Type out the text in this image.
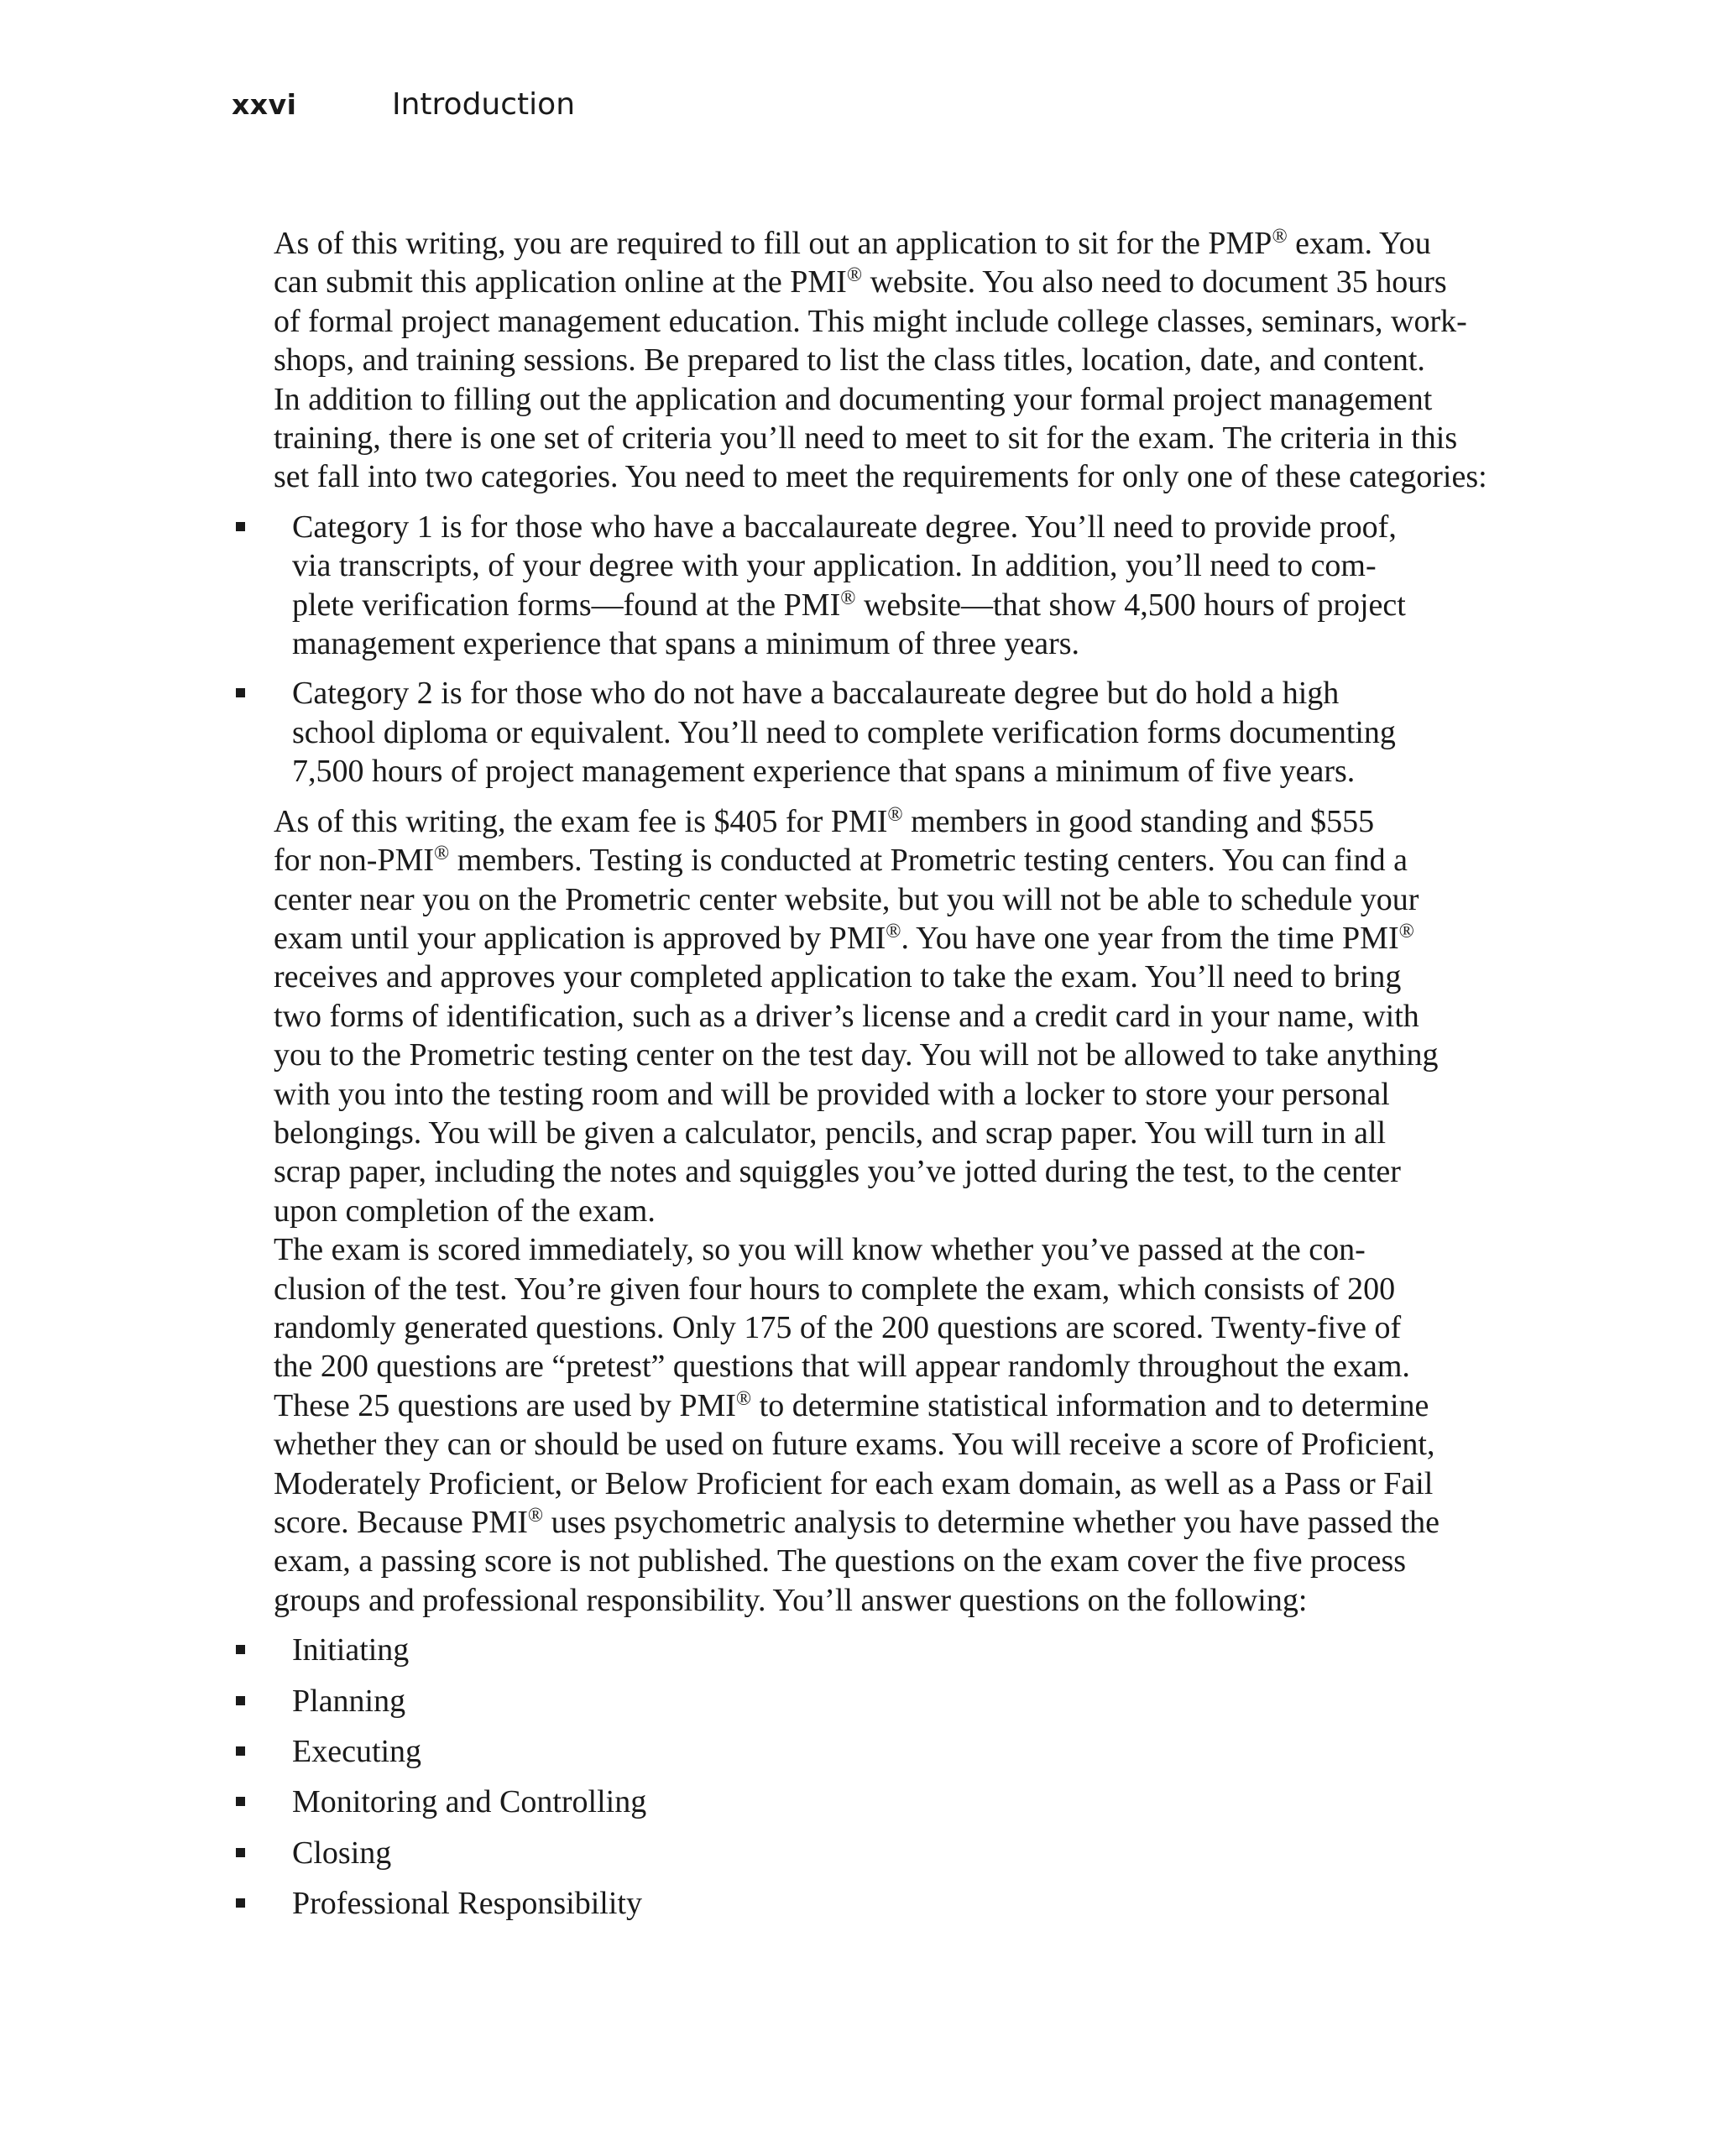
xxvi	Introduction

As of this writing, you are required to fill out an application to sit for the PMP® exam. You
can submit this application online at the PMI® website. You also need to document 35 hours
of formal project management education. This might include college classes, seminars, work-
shops, and training sessions. Be prepared to list the class titles, location, date, and content.

In addition to filling out the application and documenting your formal project management
training, there is one set of criteria you’ll need to meet to sit for the exam. The criteria in this
set fall into two categories. You need to meet the requirements for only one of these categories:

Category 1 is for those who have a baccalaureate degree. You’ll need to provide proof,
via transcripts, of your degree with your application. In addition, you’ll need to com-
plete verification forms—found at the PMI® website—that show 4,500 hours of project
management experience that spans a minimum of three years.
Category 2 is for those who do not have a baccalaureate degree but do hold a high
school diploma or equivalent. You’ll need to complete verification forms documenting
7,500 hours of project management experience that spans a minimum of five years.

As of this writing, the exam fee is $405 for PMI® members in good standing and $555
for non-PMI® members. Testing is conducted at Prometric testing centers. You can find a
center near you on the Prometric center website, but you will not be able to schedule your
exam until your application is approved by PMI®. You have one year from the time PMI®
receives and approves your completed application to take the exam. You’ll need to bring
two forms of identification, such as a driver’s license and a credit card in your name, with
you to the Prometric testing center on the test day. You will not be allowed to take anything
with you into the testing room and will be provided with a locker to store your personal
belongings. You will be given a calculator, pencils, and scrap paper. You will turn in all
scrap paper, including the notes and squiggles you’ve jotted during the test, to the center
upon completion of the exam.

The exam is scored immediately, so you will know whether you’ve passed at the con-
clusion of the test. You’re given four hours to complete the exam, which consists of 200
randomly generated questions. Only 175 of the 200 questions are scored. Twenty-five of
the 200 questions are “pretest” questions that will appear randomly throughout the exam.
These 25 questions are used by PMI® to determine statistical information and to determine
whether they can or should be used on future exams. You will receive a score of Proficient,
Moderately Proficient, or Below Proficient for each exam domain, as well as a Pass or Fail
score. Because PMI® uses psychometric analysis to determine whether you have passed the
exam, a passing score is not published. The questions on the exam cover the five process
groups and professional responsibility. You’ll answer questions on the following:

Initiating
Planning
Executing
Monitoring and Controlling
Closing
Professional Responsibility
